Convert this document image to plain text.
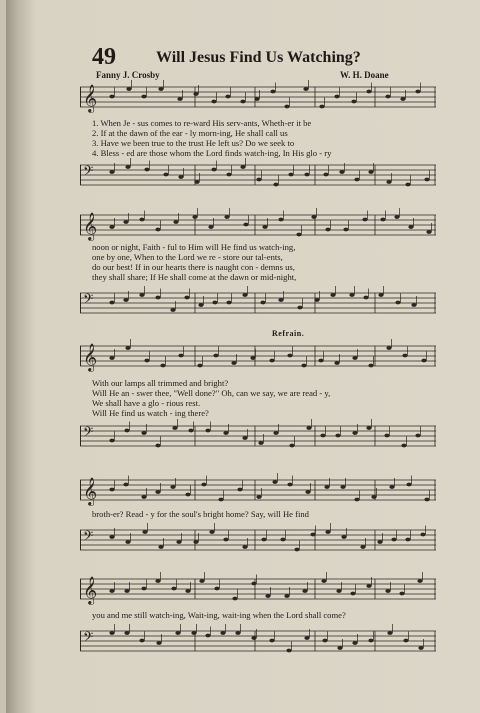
49	Will Jesus Find Us Watching?
Fanny J. Crosby	W. H. Doane
𝄞
1. When Je - sus comes to re-ward His serv-ants, Wheth-er it be
2. If at the dawn of the ear - ly morn-ing, He shall call us
3. Have we been true to the trust He left us? Do we seek to
4. Bless - ed are those whom the Lord finds watch-ing, In His glo - ry
𝄢
𝄞
noon or night, Faith - ful to Him will He find us watch-ing,
one by one, When to the Lord we re - store our tal-ents,
do our best! If in our hearts there is naught con - demns us,
they shall share; If He shall come at the dawn or mid-night,
𝄢
Refrain.
𝄞
With our lamps all trimmed and bright?
Will He an - swer thee, "Well done?" Oh, can we say, we are read - y,
We shall have a glo - rious rest.
Will He find us watch - ing there?
𝄢
𝄞
broth-er? Read - y for the soul's bright home? Say, will He find
𝄢
𝄞
you and me still watch-ing, Wait-ing, wait-ing when the Lord shall come?
𝄢
